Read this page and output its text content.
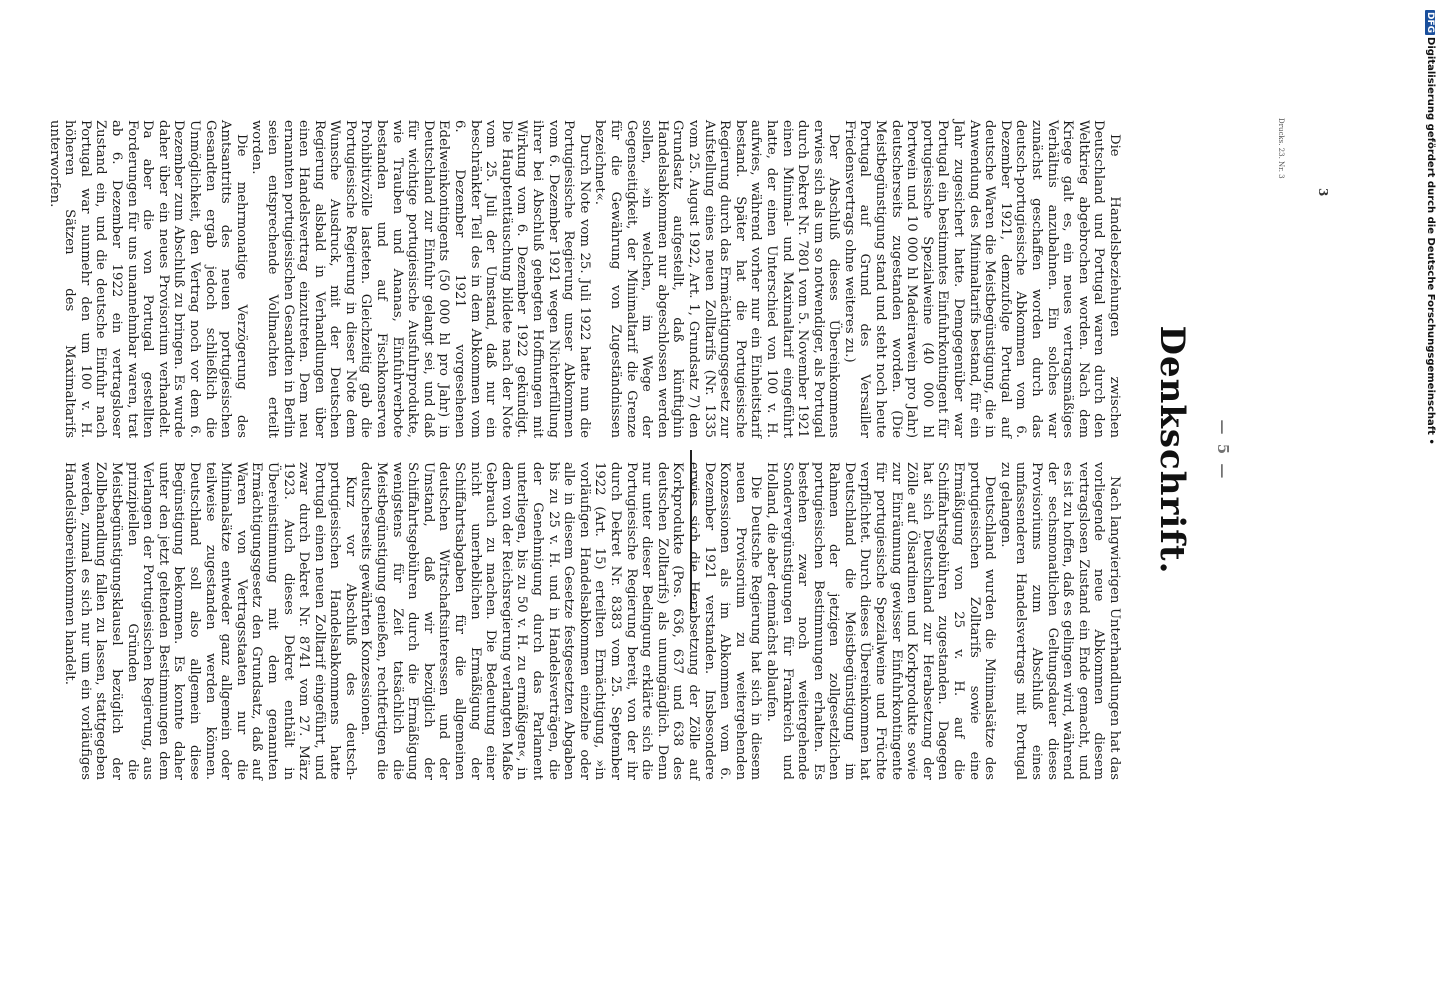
— 5 —
Denkschrift.

Die Handelsbeziehungen zwischen Deutschland und Portugal waren durch den Weltkrieg abgebrochen worden. Nach dem Kriege galt es, ein neues vertragsmäßiges Verhältnis anzubahnen. Ein solches war zunächst geschaffen worden durch das deutsch-portugiesische Abkommen vom 6. Dezember 1921, demzufolge Portugal auf deutsche Waren die Meistbegünstigung, die in Anwendung des Minimaltarifs bestand, für ein Jahr zugesichert hatte. Demgegenüber war Portugal ein bestimmtes Einfuhrkontingent für portugiesische Spezialweine (40 000 hl Portwein und 10 000 hl Madeirawein pro Jahr) deutscherseits zugestanden worden. (Die Meistbegünstigung stand und steht noch heute Portugal auf Grund des Versailler Friedensvertrags ohne weiteres zu.)

Der Abschluß dieses Übereinkommens erwies sich als um so notwendiger, als Portugal durch Dekret Nr. 7801 vom 5. November 1921 einen Minimal- und Maximaltarif eingeführt hatte, der einen Unterschied von 100 v. H. aufwies, während vorher nur ein Einheitstarif bestand. Später hat die Portugiesische Regierung durch das Ermächtigungsgesetz zur Aufstellung eines neuen Zolltarifs (Nr. 1335 vom 25. August 1922, Art. 1, Grundsatz 7) den Grundsatz aufgestellt, daß künftighin Handelsabkommen nur abgeschlossen werden sollen, »in welchen, im Wege der Gegenseitigkeit, der Minimaltarif die Grenze für die Gewährung von Zugeständnissen bezeichnet«.

Durch Note vom 25. Juli 1922 hatte nun die Portugiesische Regierung unser Abkommen vom 6. Dezember 1921 wegen Nichterfüllung ihrer bei Abschluß gehegten Hoffnungen mit Wirkung vom 6. Dezember 1922 gekündigt. Die Hauptenttäuschung bildete nach der Note vom 25. Juli der Umstand, daß nur ein beschränkter Teil des in dem Abkommen vom 6. Dezember 1921 vorgesehenen Edelweinkontingents (50 000 hl pro Jahr) in Deutschland zur Einfuhr gelangt sei, und daß für wichtige portugiesische Ausfuhrprodukte, wie Trauben und Ananas, Einfuhrverbote bestanden und auf Fischkonserven Prohibitivzölle lasteten. Gleichzeitig gab die Portugiesische Regierung in dieser Note dem Wunsche Ausdruck, mit der Deutschen Regierung alsbald in Verhandlungen über einen Handelsvertrag einzutreten. Dem neu ernannten portugiesischen Gesandten in Berlin seien entsprechende Vollmachten erteilt worden.

Die mehrmonatige Verzögerung des Amtsantritts des neuen portugiesischen Gesandten ergab jedoch schließlich die Unmöglichkeit, den Vertrag noch vor dem 6. Dezember zum Abschluß zu bringen. Es wurde daher über ein neues Provisorium verhandelt. Da aber die von Portugal gestellten Forderungen für uns unannehmbar waren, trat ab 6. Dezember 1922 ein vertragsloser Zustand ein, und die deutsche Einfuhr nach Portugal war nunmehr den um 100 v. H. höheren Sätzen des Maximaltarifs unterworfen.

Nach langwierigen Unterhandlungen hat das vorliegende neue Abkommen diesem vertragslosen Zustand ein Ende gemacht, und es ist zu hoffen, daß es gelingen wird, während der sechsmonatlichen Geltungsdauer dieses Provisoriums zum Abschluß eines umfassenderen Handelsvertrags mit Portugal zu gelangen.

Deutschland wurden die Minimalsätze des portugiesischen Zolltarifs sowie eine Ermäßigung von 25 v. H. auf die Schiffahrtsgebühren zugestanden. Dagegen hat sich Deutschland zur Herabsetzung der Zölle auf Ölsardinen und Korkprodukte sowie zur Einräumung gewisser Einfuhrkontingente für portugiesische Spezialweine und Früchte verpflichtet. Durch dieses Übereinkommen hat Deutschland die Meistbegünstigung im Rahmen der jetzigen zollgesetzlichen portugiesischen Bestimmungen erhalten. Es bestehen zwar noch weitergehende Sondervergünstigungen für Frankreich und Holland, die aber demnächst ablaufen.

Die Deutsche Regierung hat sich in diesem neuen Provisorium zu weitergehenden Konzessionen als im Abkommen vom 6. Dezember 1921 verstanden. Insbesondere erwies sich die Herabsetzung der Zölle auf Korkprodukte (Pos. 636, 637 und 638 des deutschen Zolltarifs) als unumgänglich. Denn nur unter dieser Bedingung erklärte sich die Portugiesische Regierung bereit, von der ihr durch Dekret Nr. 8383 vom 25. September 1922 (Art. 15) erteilten Ermächtigung, »in vorläufigen Handelsabkommen einzelne oder alle in diesem Gesetze festgesetzten Abgaben bis zu 25 v. H. und in Handelsverträgen, die der Genehmigung durch das Parlament unterliegen, bis zu 50 v. H. zu ermäßigen«, in dem von der Reichsregierung verlangten Maße Gebrauch zu machen. Die Bedeutung einer nicht unerheblichen Ermäßigung der Schiffahrtsabgaben für die allgemeinen deutschen Wirtschaftsinteressen und der Umstand, daß wir bezüglich der Schiffahrtsgebühren durch die Ermäßigung wenigstens für Zeit tatsächlich die Meistbegünstigung genießen, rechtfertigen die deutscherseits gewährten Konzessionen.

Kurz vor Abschluß des deutsch-portugiesischen Handelsabkommens hatte Portugal einen neuen Zolltarif eingeführt, und zwar durch Dekret Nr. 8741 vom 27. März 1923. Auch dieses Dekret enthält in Übereinstimmung mit dem genannten Ermächtigungsgesetz den Grundsatz, daß auf Waren von Vertragsstaaten nur die Minimalsätze entweder ganz allgemein oder teilweise zugestanden werden können. Deutschland soll also allgemein diese Begünstigung bekommen. Es konnte daher unter den jetzt geltenden Bestimmungen dem Verlangen der Portugiesischen Regierung, aus prinzipiellen Gründen die Meistbegünstigungsklausel bezüglich der Zollbehandlung fallen zu lassen, stattgegeben werden, zumal es sich nur um ein vorläufiges Handelsübereinkommen handelt.

Drucks. 23. Nr. 3
3
DFGDigitalisierung gefördert durch die Deutsche Forschungsgemeinschaft •
